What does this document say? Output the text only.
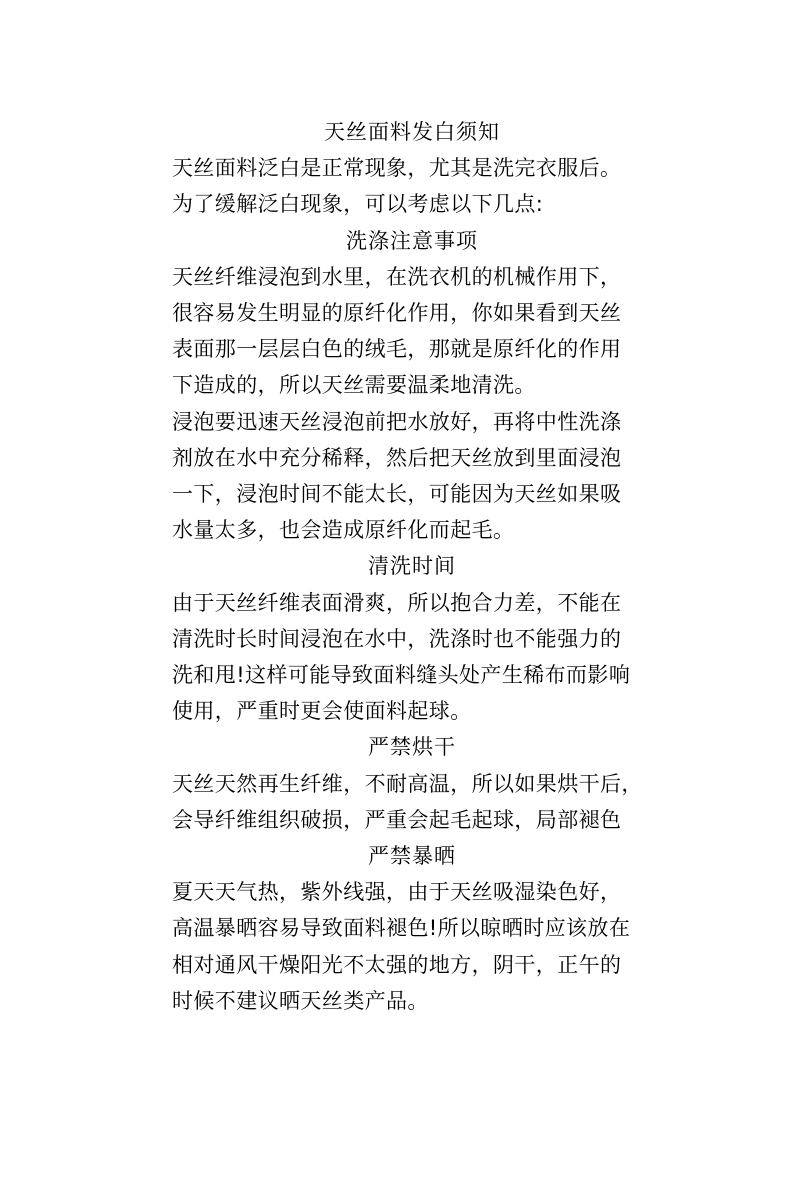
天丝面料发白须知
天丝面料泛白是正常现象，尤其是洗完衣服后。
为了缓解泛白现象，可以考虑以下几点:
洗涤注意事项
天丝纤维浸泡到水里，在洗衣机的机械作用下，
很容易发生明显的原纤化作用，你如果看到天丝
表面那一层层白色的绒毛，那就是原纤化的作用
下造成的，所以天丝需要温柔地清洗。
浸泡要迅速天丝浸泡前把水放好，再将中性洗涤
剂放在水中充分稀释，然后把天丝放到里面浸泡
一下，浸泡时间不能太长，可能因为天丝如果吸
水量太多，也会造成原纤化而起毛。
清洗时间
由于天丝纤维表面滑爽，所以抱合力差，不能在
清洗时长时间浸泡在水中，洗涤时也不能强力的
洗和甩!这样可能导致面料缝头处产生稀布而影响
使用，严重时更会使面料起球。
严禁烘干
天丝天然再生纤维，不耐高温，所以如果烘干后，
会导纤维组织破损，严重会起毛起球，局部褪色
严禁暴晒
夏天天气热，紫外线强，由于天丝吸湿染色好，
高温暴晒容易导致面料褪色!所以晾晒时应该放在
相对通风干燥阳光不太强的地方，阴干，正午的
时候不建议晒天丝类产品。
